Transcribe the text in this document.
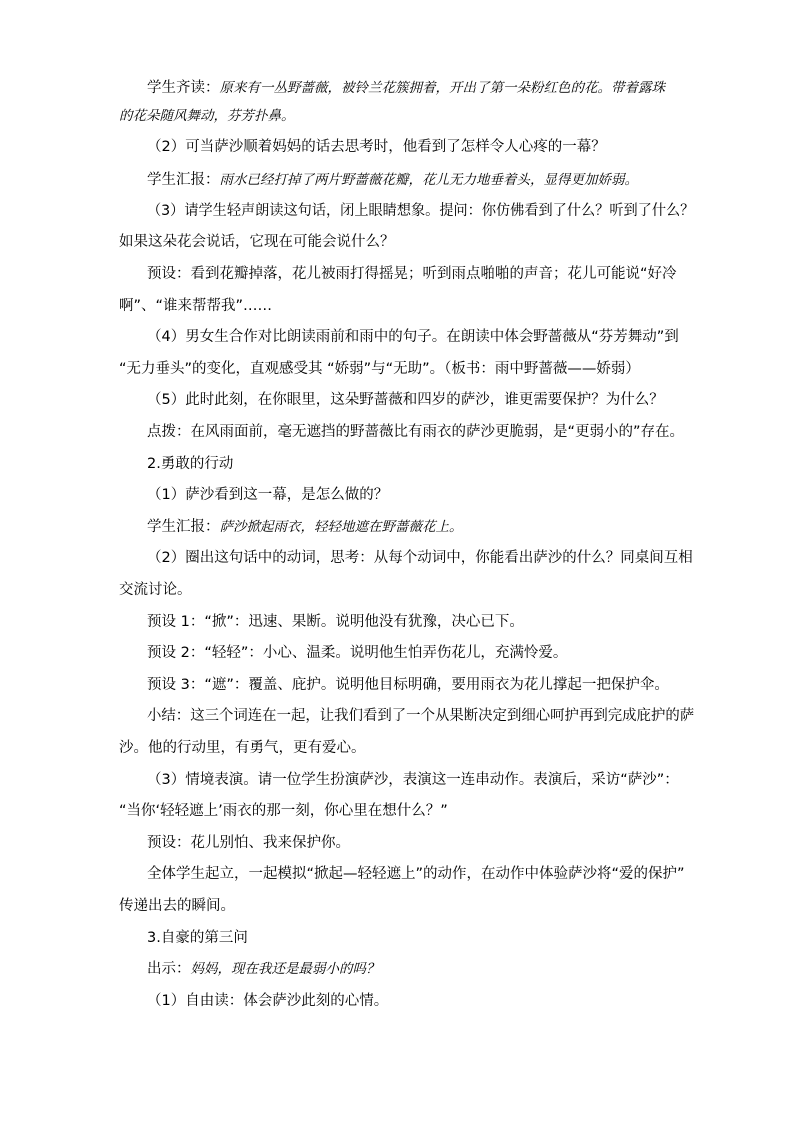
学生齐读：原来有一丛野蔷薇，被铃兰花簇拥着，开出了第一朵粉红色的花。带着露珠
的花朵随风舞动，芬芳扑鼻。
（2）可当萨沙顺着妈妈的话去思考时，他看到了怎样令人心疼的一幕？
学生汇报：雨水已经打掉了两片野蔷薇花瓣，花儿无力地垂着头，显得更加娇弱。
（3）请学生轻声朗读这句话，闭上眼睛想象。提问：你仿佛看到了什么？听到了什么？
如果这朵花会说话，它现在可能会说什么？
预设：看到花瓣掉落，花儿被雨打得摇晃；听到雨点啪啪的声音；花儿可能说“好冷
啊”、“谁来帮帮我”……
（4）男女生合作对比朗读雨前和雨中的句子。在朗读中体会野蔷薇从“芬芳舞动”到
“无力垂头”的变化，直观感受其 “娇弱”与“无助”。（板书：雨中野蔷薇——娇弱）
（5）此时此刻，在你眼里，这朵野蔷薇和四岁的萨沙，谁更需要保护？为什么？
点拨：在风雨面前，毫无遮挡的野蔷薇比有雨衣的萨沙更脆弱，是“更弱小的”存在。
2.勇敢的行动
（1）萨沙看到这一幕，是怎么做的？
学生汇报：萨沙掀起雨衣，轻轻地遮在野蔷薇花上。
（2）圈出这句话中的动词，思考：从每个动词中，你能看出萨沙的什么？同桌间互相
交流讨论。
预设 1：“掀”：迅速、果断。说明他没有犹豫，决心已下。
预设 2：“轻轻”：小心、温柔。说明他生怕弄伤花儿，充满怜爱。
预设 3：“遮”：覆盖、庇护。说明他目标明确，要用雨衣为花儿撑起一把保护伞。
小结：这三个词连在一起，让我们看到了一个从果断决定到细心呵护再到完成庇护的萨
沙。他的行动里，有勇气，更有爱心。
（3）情境表演。请一位学生扮演萨沙，表演这一连串动作。表演后，采访“萨沙”：
“当你‘轻轻遮上’雨衣的那一刻，你心里在想什么？”
预设：花儿别怕、我来保护你。
全体学生起立，一起模拟“掀起—轻轻遮上”的动作，在动作中体验萨沙将“爱的保护”
传递出去的瞬间。
3.自豪的第三问
出示：妈妈，现在我还是最弱小的吗？
（1）自由读：体会萨沙此刻的心情。
